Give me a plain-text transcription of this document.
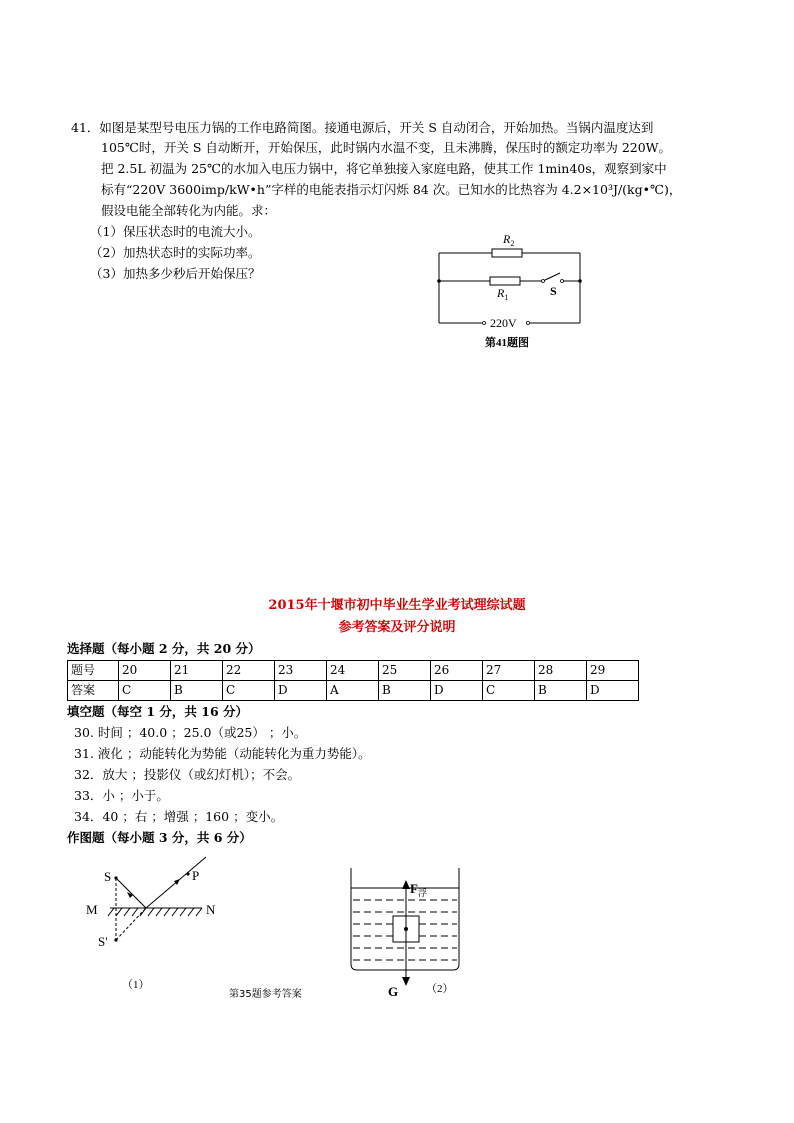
41．如图是某型号电压力锅的工作电路简图。接通电源后，开关 S 自动闭合，开始加热。当锅内温度达到
105℃时，开关 S 自动断开，开始保压，此时锅内水温不变，且未沸腾，保压时的额定功率为 220W。
把 2.5L 初温为 25℃的水加入电压力锅中，将它单独接入家庭电路，使其工作 1min40s，观察到家中
标有“220V 3600imp/kW•h”字样的电能表指示灯闪烁 84 次。已知水的比热容为 4.2×10³J/(kg•℃)，
假设电能全部转化为内能。求：
（1）保压状态时的电流大小。
（2）加热状态时的实际功率。
（3）加热多少秒后开始保压？
$R_2$
$R_1$	S
220V
第41题图
2015年十堰市初中毕业生学业考试理综试题
参考答案及评分说明
选择题（每小题 2 分，共 20 分）
题号	20	21	22	23	24	25	26	27	28	29
答案	C	B	C	D	A	B	D	C	B	D
填空题（每空 1 分，共 16 分）
30. 时间 ；40.0 ；25.0（或25） ；小。
31. 液化 ；动能转化为势能（动能转化为重力势能）。
32．放大 ；投影仪（或幻灯机）；不会。
33．小 ；小于。
34．40 ；右 ；增强 ；160 ；变小。
作图题（每小题 3 分，共 6 分）
S	P
M	N
S'
（1）
第35题参考答案
$F_浮$
G	（2）
